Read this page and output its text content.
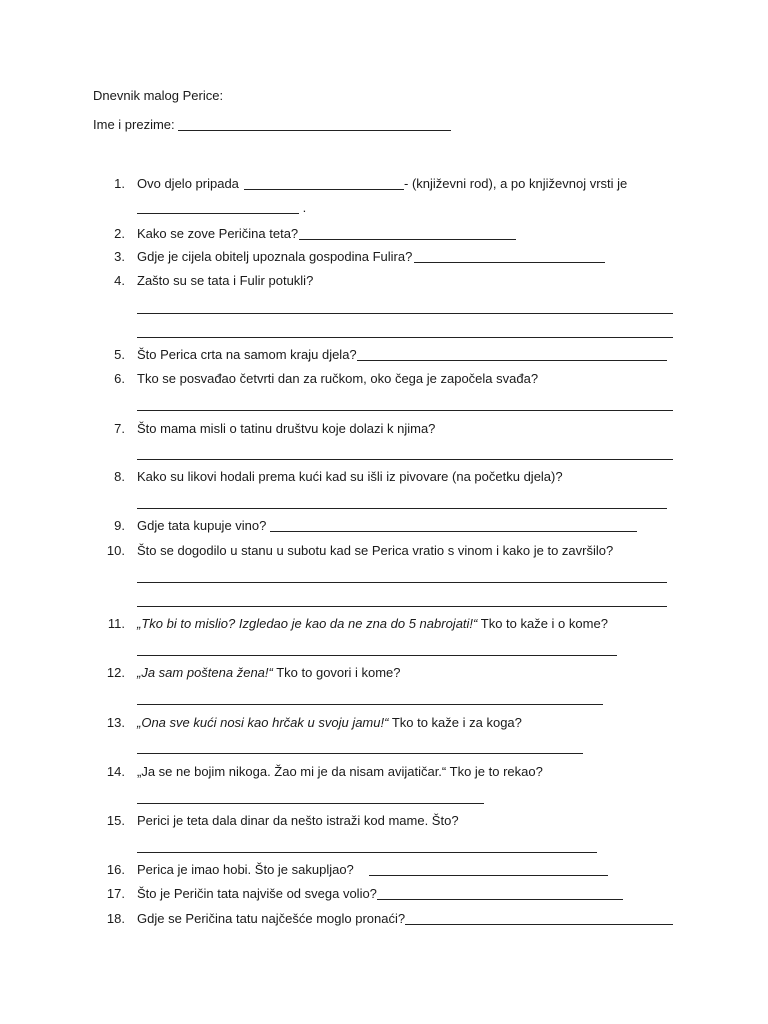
Dnevnik malog Perice:
Ime i prezime:
1. Ovo djelo pripada	- (književni rod), a po književnoj vrsti je
.
2. Kako se zove Peričina teta?
3. Gdje je cijela obitelj upoznala gospodina Fulira?
4. Zašto su se tata i Fulir potukli?
5. Što Perica crta na samom kraju djela?
6. Tko se posvađao četvrti dan za ručkom, oko čega je započela svađa?
7. Što mama misli o tatinu društvu koje dolazi k njima?
8. Kako su likovi hodali prema kući kad su išli iz pivovare (na početku djela)?
9. Gdje tata kupuje vino?
10. Što se dogodilo u stanu u subotu kad se Perica vratio s vinom i kako je to završilo?
11. „Tko bi to mislio? Izgledao je kao da ne zna do 5 nabrojati!“ Tko to kaže i o kome?
12. „Ja sam poštena žena!“ Tko to govori i kome?
13. „Ona sve kući nosi kao hrčak u svoju jamu!“ Tko to kaže i za koga?
14. „Ja se ne bojim nikoga. Žao mi je da nisam avijatičar.“ Tko je to rekao?
15. Perici je teta dala dinar da nešto istraži kod mame. Što?
16. Perica je imao hobi. Što je sakupljao?
17. Što je Peričin tata najviše od svega volio?
18. Gdje se Peričina tatu najčešće moglo pronaći?
